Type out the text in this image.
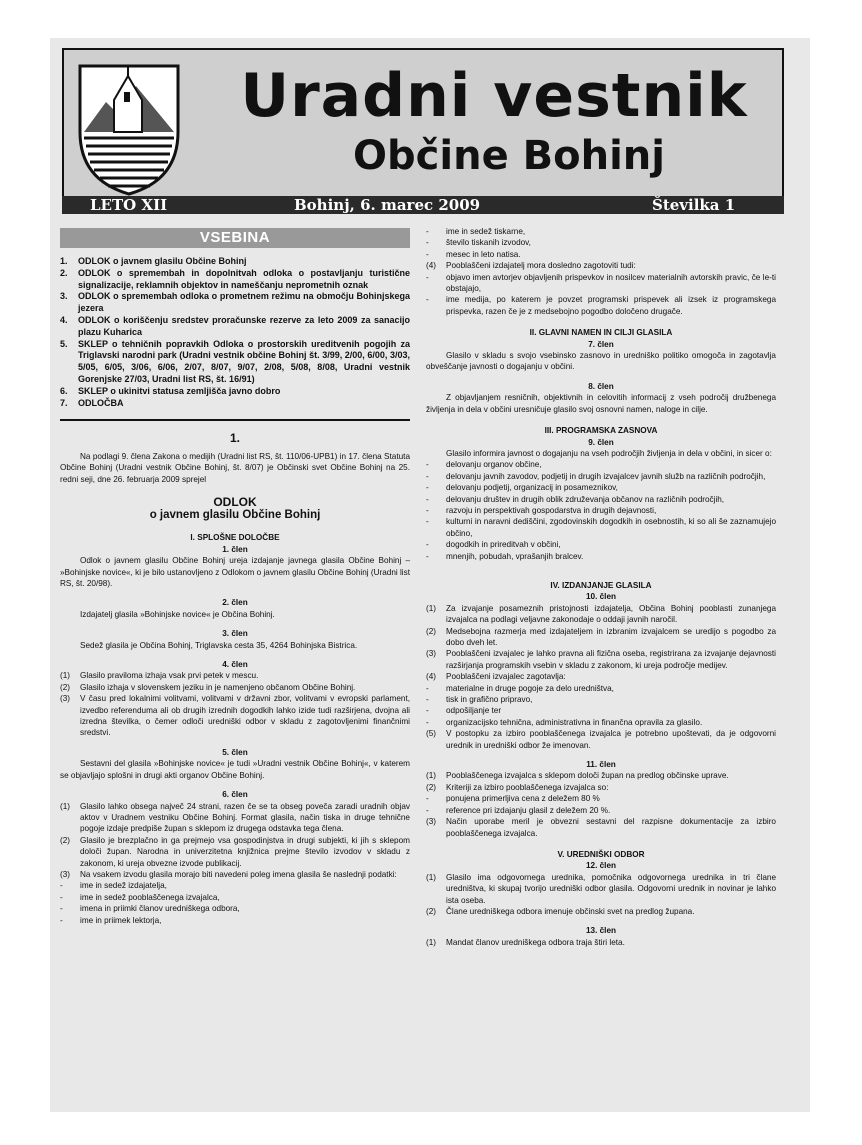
Uradni vestnik
Občine Bohinj
LETO XII	Bohinj, 6. marec 2009	Številka 1
VSEBINA
1. ODLOK o javnem glasilu Občine Bohinj
2. ODLOK o spremembah in dopolnitvah odloka o postavljanju turistične signalizacije, reklamnih objektov in nameščanju neprometnih oznak
3. ODLOK o spremembah odloka o prometnem režimu na območju Bohinjskega jezera
4. ODLOK o koriščenju sredstev proračunske rezerve za leto 2009 za sanacijo plazu Kuharica
5. SKLEP o tehničnih popravkih Odloka o prostorskih ureditvenih pogojih za Triglavski narodni park (Uradni vestnik občine Bohinj št. 3/99, 2/00, 6/00, 3/03, 5/05, 6/05, 3/06, 6/06, 2/07, 8/07, 9/07, 2/08, 5/08, 8/08, Uradni vestnik Gorenjske 27/03, Uradni list RS, št. 16/91)
6. SKLEP o ukinitvi statusa zemljišča javno dobro
7. ODLOČBA
1.
Na podlagi 9. člena Zakona o medijih (Uradni list RS, št. 110/06-UPB1) in 17. člena Statuta Občine Bohinj (Uradni vestnik Občine Bohinj, št. 8/07) je Občinski svet Občine Bohinj na 25. redni seji, dne 26. februarja 2009 sprejel
ODLOK
o javnem glasilu Občine Bohinj
I. SPLOŠNE DOLOČBE
1. člen
Odlok o javnem glasilu Občine Bohinj ureja izdajanje javnega glasila Občine Bohinj – »Bohinjske novice«, ki je bilo ustanovljeno z Odlokom o javnem glasilu Občine Bohinj (Uradni list RS, št. 20/98).
2. člen
Izdajatelj glasila »Bohinjske novice« je Občina Bohinj.
3. člen
Sedež glasila je Občina Bohinj, Triglavska cesta 35, 4264 Bohinjska Bistrica.
4. člen
(1) Glasilo praviloma izhaja vsak prvi petek v mescu.
(2) Glasilo izhaja v slovenskem jeziku in je namenjeno občanom Občine Bohinj.
(3) V času pred lokalnimi volitvami, volitvami v državni zbor, volitvami v evropski parlament, izvedbo referenduma ali ob drugih izrednih dogodkih lahko izide tudi razširjena, dvojna ali izredna številka, o čemer odloči uredniški odbor v skladu z zagotovljenimi finančnimi sredstvi.
5. člen
Sestavni del glasila »Bohinjske novice« je tudi »Uradni vestnik Občine Bohinj«, v katerem se objavljajo splošni in drugi akti organov Občine Bohinj.
6. člen
(1) Glasilo lahko obsega največ 24 strani, razen če se ta obseg poveča zaradi uradnih objav aktov v Uradnem vestniku Občine Bohinj. Format glasila, način tiska in druge tehnične pogoje izdaje predpiše župan s sklepom iz drugega odstavka tega člena.
(2) Glasilo je brezplačno in ga prejmejo vsa gospodinjstva in drugi subjekti, ki jih s sklepom določi župan. Narodna in univerzitetna knjižnica prejme število izvodov v skladu z zakonom, ki ureja obvezne izvode publikacij.
(3) Na vsakem izvodu glasila morajo biti navedeni poleg imena glasila še naslednji podatki:
- ime in sedež izdajatelja,
- ime in sedež pooblaščenega izvajalca,
- imena in priimki članov uredniškega odbora,
- ime in priimek lektorja,
- ime in sedež tiskarne,
- število tiskanih izvodov,
- mesec in leto natisa.
(4) Pooblaščeni izdajatelj mora dosledno zagotoviti tudi:
- objavo imen avtorjev objavljenih prispevkov in nosilcev materialnih avtorskih pravic, če le-ti obstajajo,
- ime medija, po katerem je povzet programski prispevek ali izsek iz programskega prispevka, razen če je z medsebojno pogodbo določeno drugače.
II. GLAVNI NAMEN IN CILJI GLASILA
7. člen
Glasilo v skladu s svojo vsebinsko zasnovo in uredniško politiko omogoča in zagotavlja obveščanje javnosti o dogajanju v občini.
8. člen
Z objavljanjem resničnih, objektivnih in celovitih informacij z vseh področij družbenega življenja in dela v občini uresničuje glasilo svoj osnovni namen, naloge in cilje.
III. PROGRAMSKA ZASNOVA
9. člen
Glasilo informira javnost o dogajanju na vseh področjih življenja in dela v občini, in sicer o:
- delovanju organov občine,
- delovanju javnih zavodov, podjetij in drugih izvajalcev javnih služb na različnih področjih,
- delovanju podjetij, organizacij in posameznikov,
- delovanju društev in drugih oblik združevanja občanov na različnih področjih,
- razvoju in perspektivah gospodarstva in drugih dejavnosti,
- kulturni in naravni dediščini, zgodovinskih dogodkih in osebnostih, ki so ali še zaznamujejo občino,
- dogodkih in prireditvah v občini,
- mnenjih, pobudah, vprašanjih bralcev.
IV. IZDANJANJE GLASILA
10. člen
(1) Za izvajanje posameznih pristojnosti izdajatelja, Občina Bohinj pooblasti zunanjega izvajalca na podlagi veljavne zakonodaje o oddaji javnih naročil.
(2) Medsebojna razmerja med izdajateljem in izbranim izvajalcem se uredijo s pogodbo za dobo dveh let.
(3) Pooblaščeni izvajalec je lahko pravna ali fizična oseba, registrirana za izvajanje dejavnosti razširjanja programskih vsebin v skladu z zakonom, ki ureja področje medijev.
(4) Pooblaščeni izvajalec zagotavlja:
- materialne in druge pogoje za delo uredništva,
- tisk in grafično pripravo,
- odpošiljanje ter
- organizacijsko tehnična, administrativna in finančna opravila za glasilo.
(5) V postopku za izbiro pooblaščenega izvajalca je potrebno upoštevati, da je odgovorni urednik in uredniški odbor že imenovan.
11. člen
(1) Pooblaščenega izvajalca s sklepom določi župan na predlog občinske uprave.
(2) Kriteriji za izbiro pooblaščenega izvajalca so:
- ponujena primerljiva cena z deležem 80 %
- reference pri izdajanju glasil z deležem 20 %.
(3) Način uporabe meril je obvezni sestavni del razpisne dokumentacije za izbiro pooblaščenega izvajalca.
V. UREDNIŠKI ODBOR
12. člen
(1) Glasilo ima odgovornega urednika, pomočnika odgovornega urednika in tri člane uredništva, ki skupaj tvorijo uredniški odbor glasila. Odgovorni urednik in novinar je lahko ista oseba.
(2) Člane uredniškega odbora imenuje občinski svet na predlog župana.
13. člen
(1) Mandat članov uredniškega odbora traja štiri leta.
